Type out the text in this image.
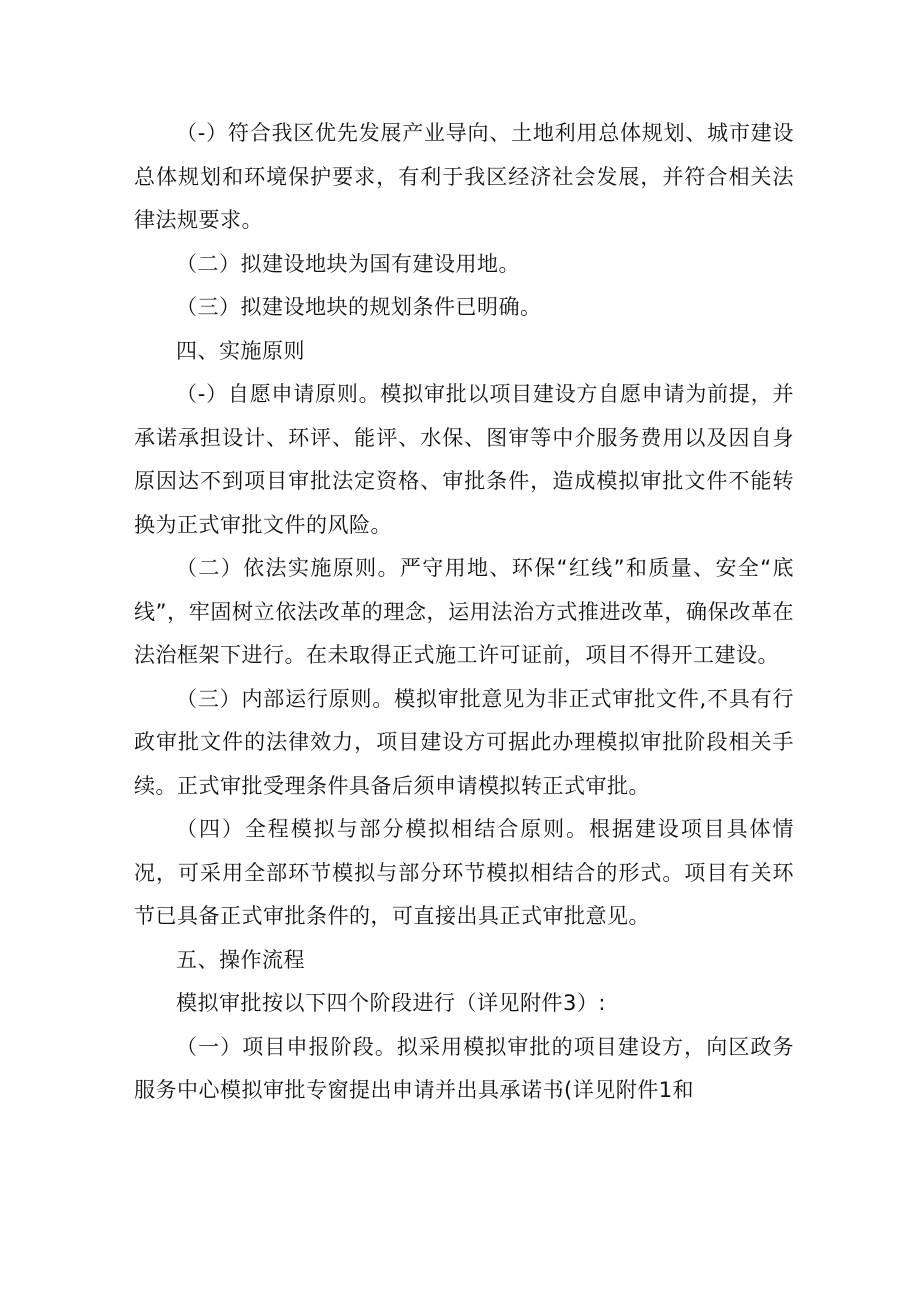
（-）符合我区优先发展产业导向、土地利用总体规划、城市建设总体规划和环境保护要求，有利于我区经济社会发展，并符合相关法律法规要求。

（二）拟建设地块为国有建设用地。

（三）拟建设地块的规划条件已明确。

四、实施原则

（-）自愿申请原则。模拟审批以项目建设方自愿申请为前提，并承诺承担设计、环评、能评、水保、图审等中介服务费用以及因自身原因达不到项目审批法定资格、审批条件，造成模拟审批文件不能转换为正式审批文件的风险。

（二）依法实施原则。严守用地、环保“红线”和质量、安全“底线”，牢固树立依法改革的理念，运用法治方式推进改革，确保改革在法治框架下进行。在未取得正式施工许可证前，项目不得开工建设。

（三）内部运行原则。模拟审批意见为非正式审批文件,不具有行政审批文件的法律效力，项目建设方可据此办理模拟审批阶段相关手续。正式审批受理条件具备后须申请模拟转正式审批。

（四）全程模拟与部分模拟相结合原则。根据建设项目具体情况，可采用全部环节模拟与部分环节模拟相结合的形式。项目有关环节已具备正式审批条件的，可直接出具正式审批意见。

五、操作流程

模拟审批按以下四个阶段进行（详见附件3）:

（一）项目申报阶段。拟采用模拟审批的项目建设方，向区政务服务中心模拟审批专窗提出申请并出具承诺书(详见附件1和
